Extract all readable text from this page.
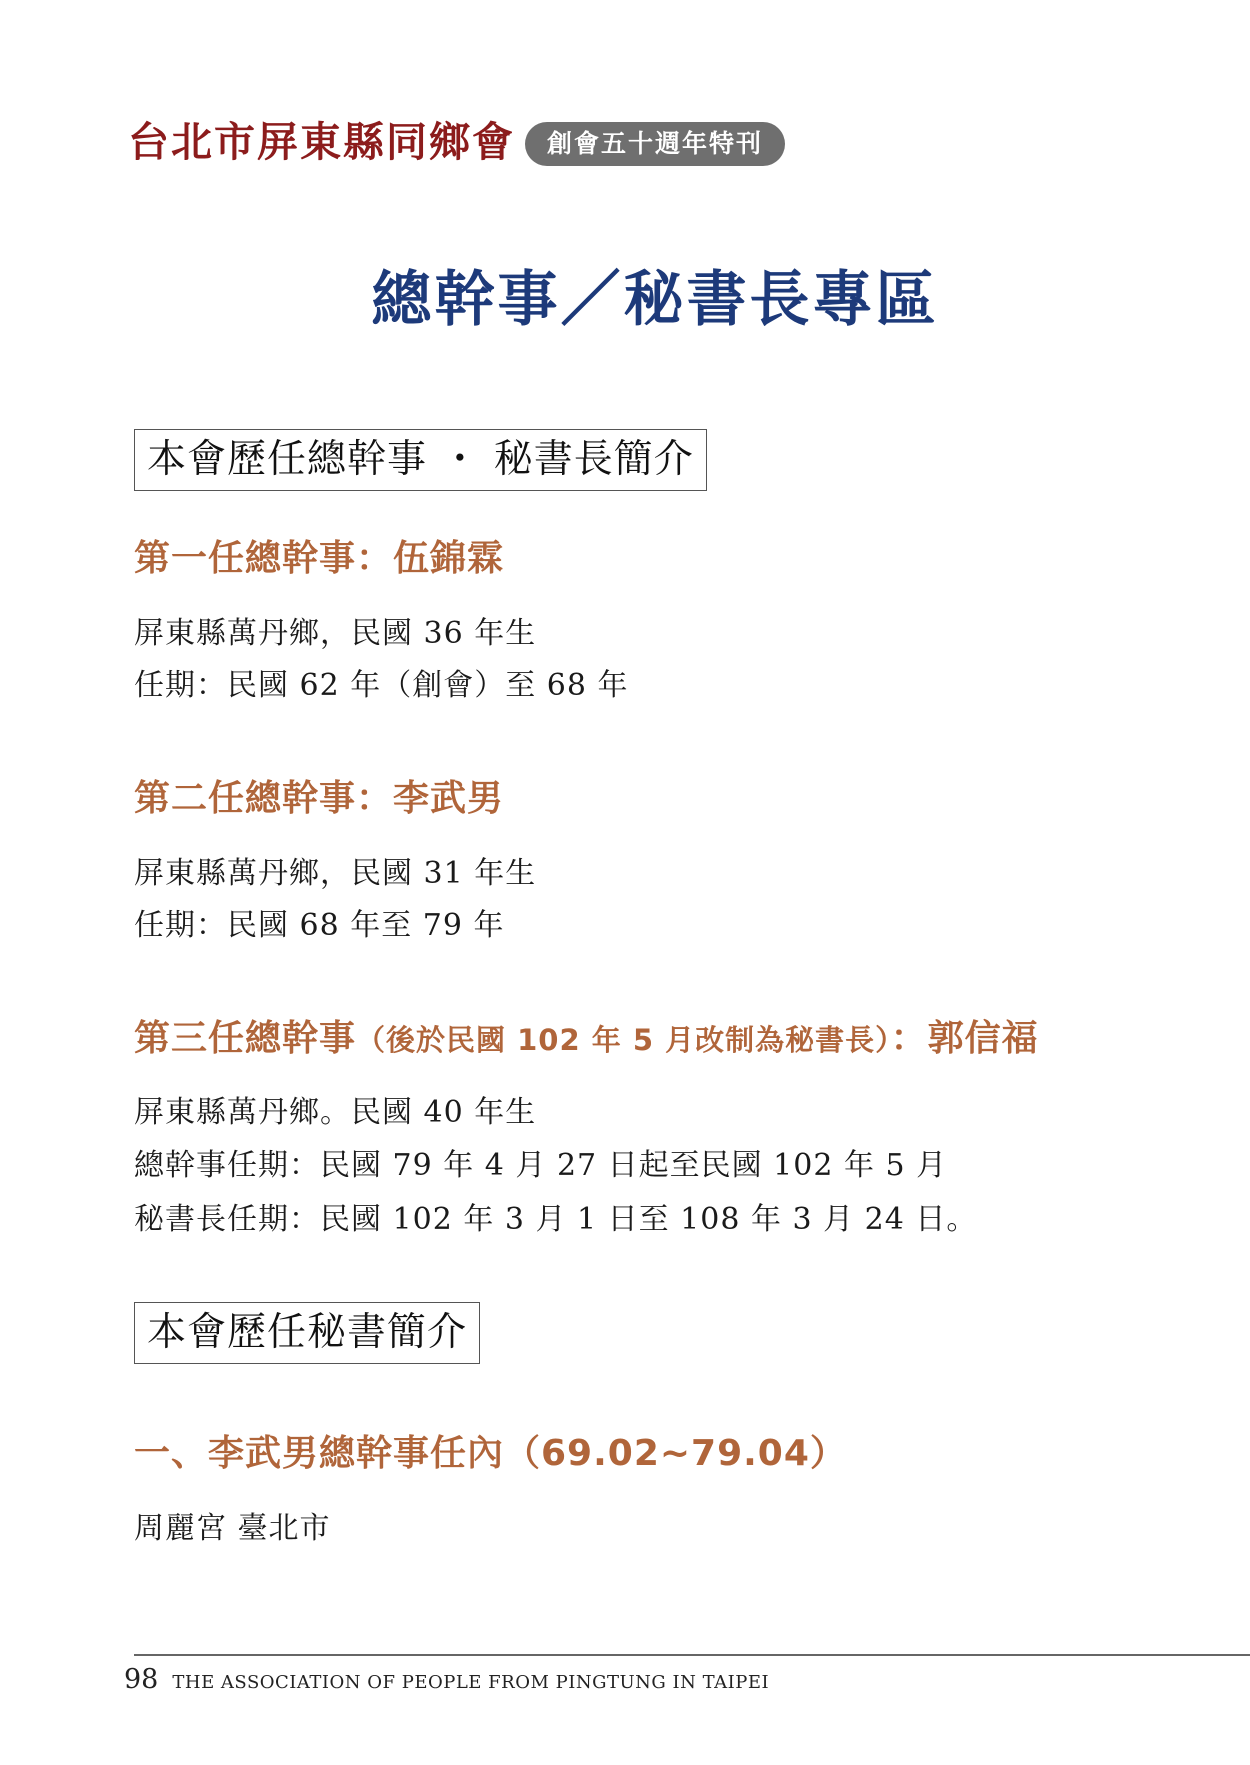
台北市屏東縣同鄉會	創會五十週年特刊
總幹事／秘書長專區
本會歷任總幹事 ・ 秘書長簡介
第一任總幹事：伍錦霖
屏東縣萬丹鄉，民國 36 年生
任期：民國 62 年（創會）至 68 年
第二任總幹事：李武男
屏東縣萬丹鄉，民國 31 年生
任期：民國 68 年至 79 年
第三任總幹事（後於民國 102 年 5 月改制為秘書長）：郭信福
屏東縣萬丹鄉。民國 40 年生
總幹事任期：民國 79 年 4 月 27 日起至民國 102 年 5 月
秘書長任期：民國 102 年 3 月 1 日至 108 年 3 月 24 日。
本會歷任秘書簡介
一、李武男總幹事任內（69.02~79.04）
周麗宮 臺北市
98 THE ASSOCIATION OF PEOPLE FROM PINGTUNG IN TAIPEI
